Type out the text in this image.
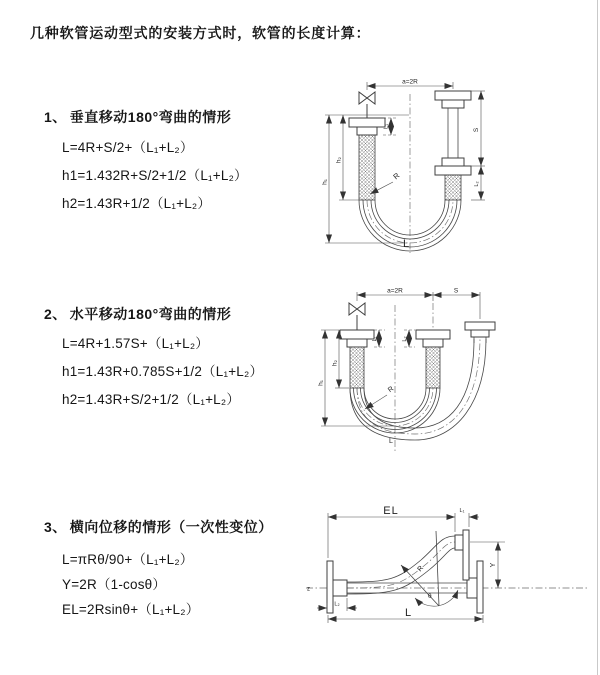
几种软管运动型式的安装方式时，软管的长度计算：
1、 垂直移动180°弯曲的情形
L=4R+S/2+（L₁+L₂）
h1=1.432R+S/2+1/2（L₁+L₂）
h2=1.43R+1/2（L₁+L₂）
2、 水平移动180°弯曲的情形
L=4R+1.57S+（L₁+L₂）
h1=1.43R+0.785S+1/2（L₁+L₂）
h2=1.43R+S/2+1/2（L₁+L₂）
3、 横向位移的情形（一次性变位）
L=πRθ/90+（L₁+L₂）
Y=2R（1-cosθ）
EL=2Rsinθ+（L₁+L₂）
a=2R
L₁
h₁
h₂
S
L₂
R
L
a=2R	S
L₁	L₂
h₁
h₂
R
L
z
θ
R
EL	L₁
Y
L₂
L
